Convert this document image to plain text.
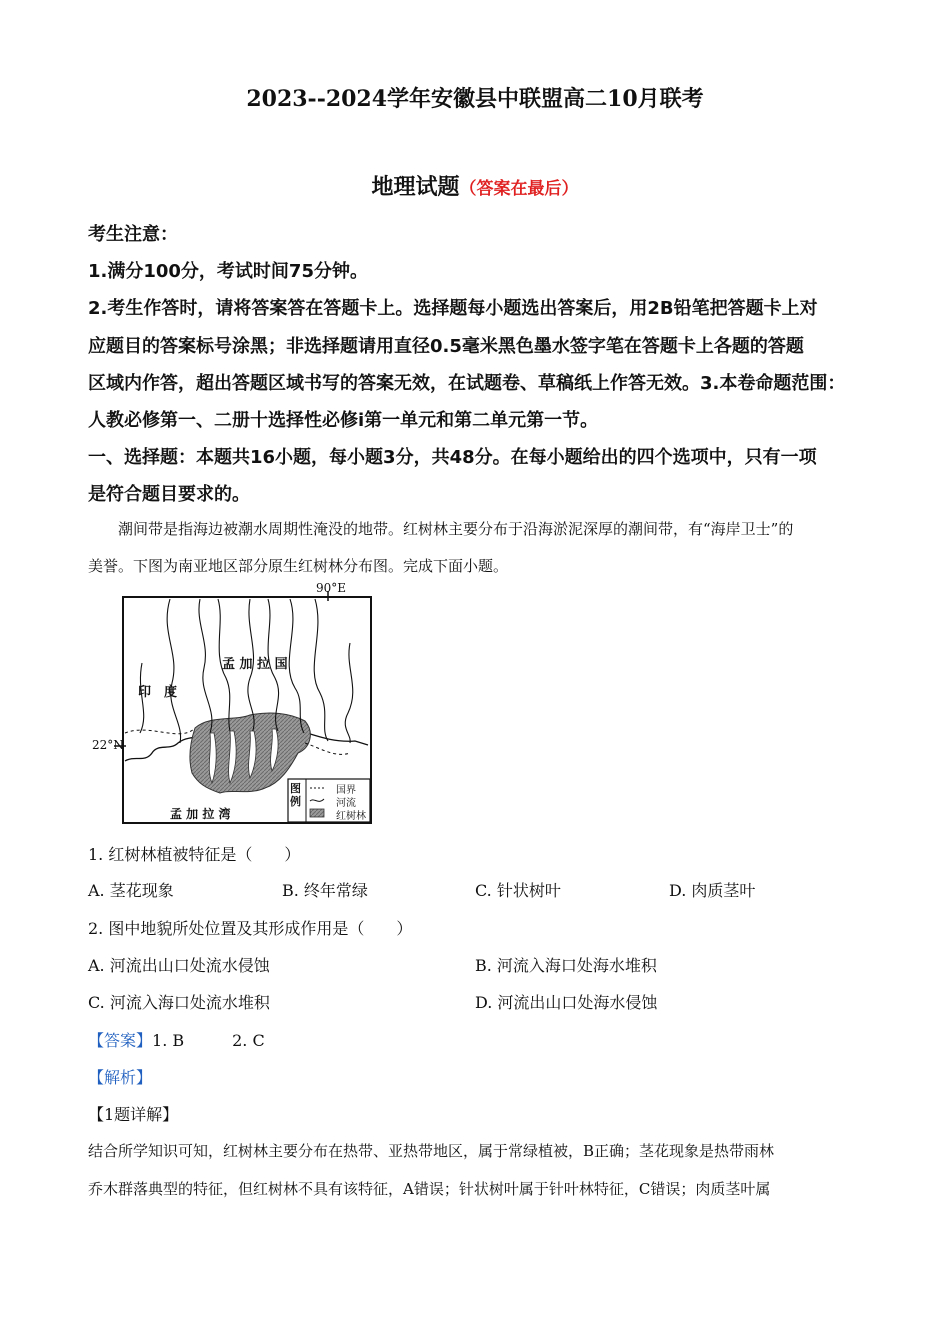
2023--2024学年安徽县中联盟高二10月联考
地理试题（答案在最后）
考生注意：
1.满分100分，考试时间75分钟。
2.考生作答时，请将答案答在答题卡上。选择题每小题选出答案后，用2B铅笔把答题卡上对
应题目的答案标号涂黑；非选择题请用直径0.5毫米黑色墨水签字笔在答题卡上各题的答题
区域内作答，超出答题区域书写的答案无效，在试题卷、草稿纸上作答无效。3.本卷命题范围：
人教必修第一、二册十选择性必修ⅰ第一单元和第二单元第一节。
一、选择题：本题共16小题，每小题3分，共48分。在每小题给出的四个选项中，只有一项
是符合题目要求的。
潮间带是指海边被潮水周期性淹没的地带。红树林主要分布于沿海淤泥深厚的潮间带，有“海岸卫士”的
美誉。下图为南亚地区部分原生红树林分布图。完成下面小题。
90°E
22°N
印　度
孟 加 拉 国
孟 加 拉 湾
图例
国界
河流
红树林
1. 红树林植被特征是（　　）
A. 茎花现象	B. 终年常绿	C. 针状树叶	D. 肉质茎叶
2. 图中地貌所处位置及其形成作用是（　　）
A. 河流出山口处流水侵蚀	B. 河流入海口处海水堆积
C. 河流入海口处流水堆积	D. 河流出山口处海水侵蚀
【答案】1. B　　　2. C
【解析】
【1题详解】
结合所学知识可知，红树林主要分布在热带、亚热带地区，属于常绿植被，B正确；茎花现象是热带雨林
乔木群落典型的特征，但红树林不具有该特征，A错误；针状树叶属于针叶林特征，C错误；肉质茎叶属
